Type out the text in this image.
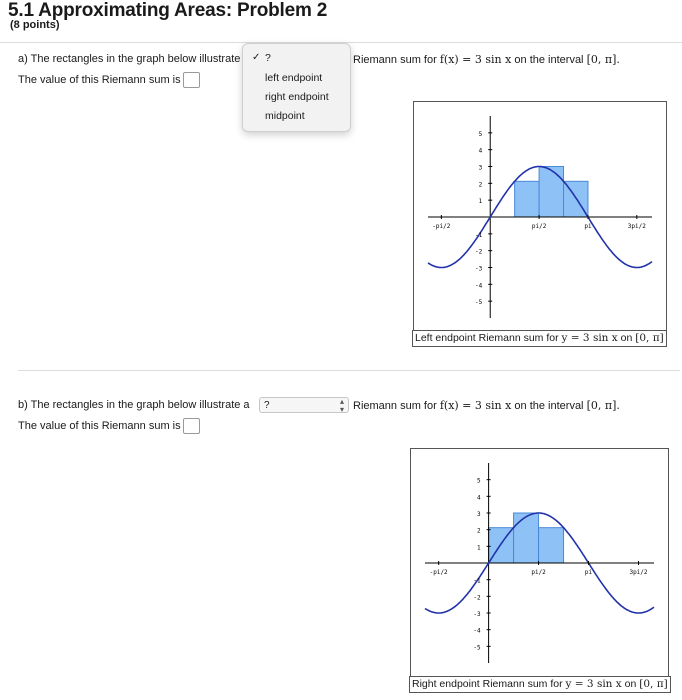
5.1 Approximating Areas: Problem 2
(8 points)
a) The rectangles in the graph below illustrate	Riemann sum for f(x) = 3 sin x on the interval [0, π].
The value of this Riemann sum is
5
4
3
2
1
-1
-2
-3
-4
-5
-pi/2	pi/2	pi	3pi/2
Left endpoint Riemann sum for y = 3 sin x on [0, π]
✓ ?
left endpoint
right endpoint
midpoint
b) The rectangles in the graph below illustrate a	?	▴
▾ Riemann sum for f(x) = 3 sin x on the interval [0, π].
The value of this Riemann sum is
5
4
3
2
1
-1
-2
-3
-4
-5
-pi/2	pi/2	pi	3pi/2
Right endpoint Riemann sum for y = 3 sin x on [0, π]
